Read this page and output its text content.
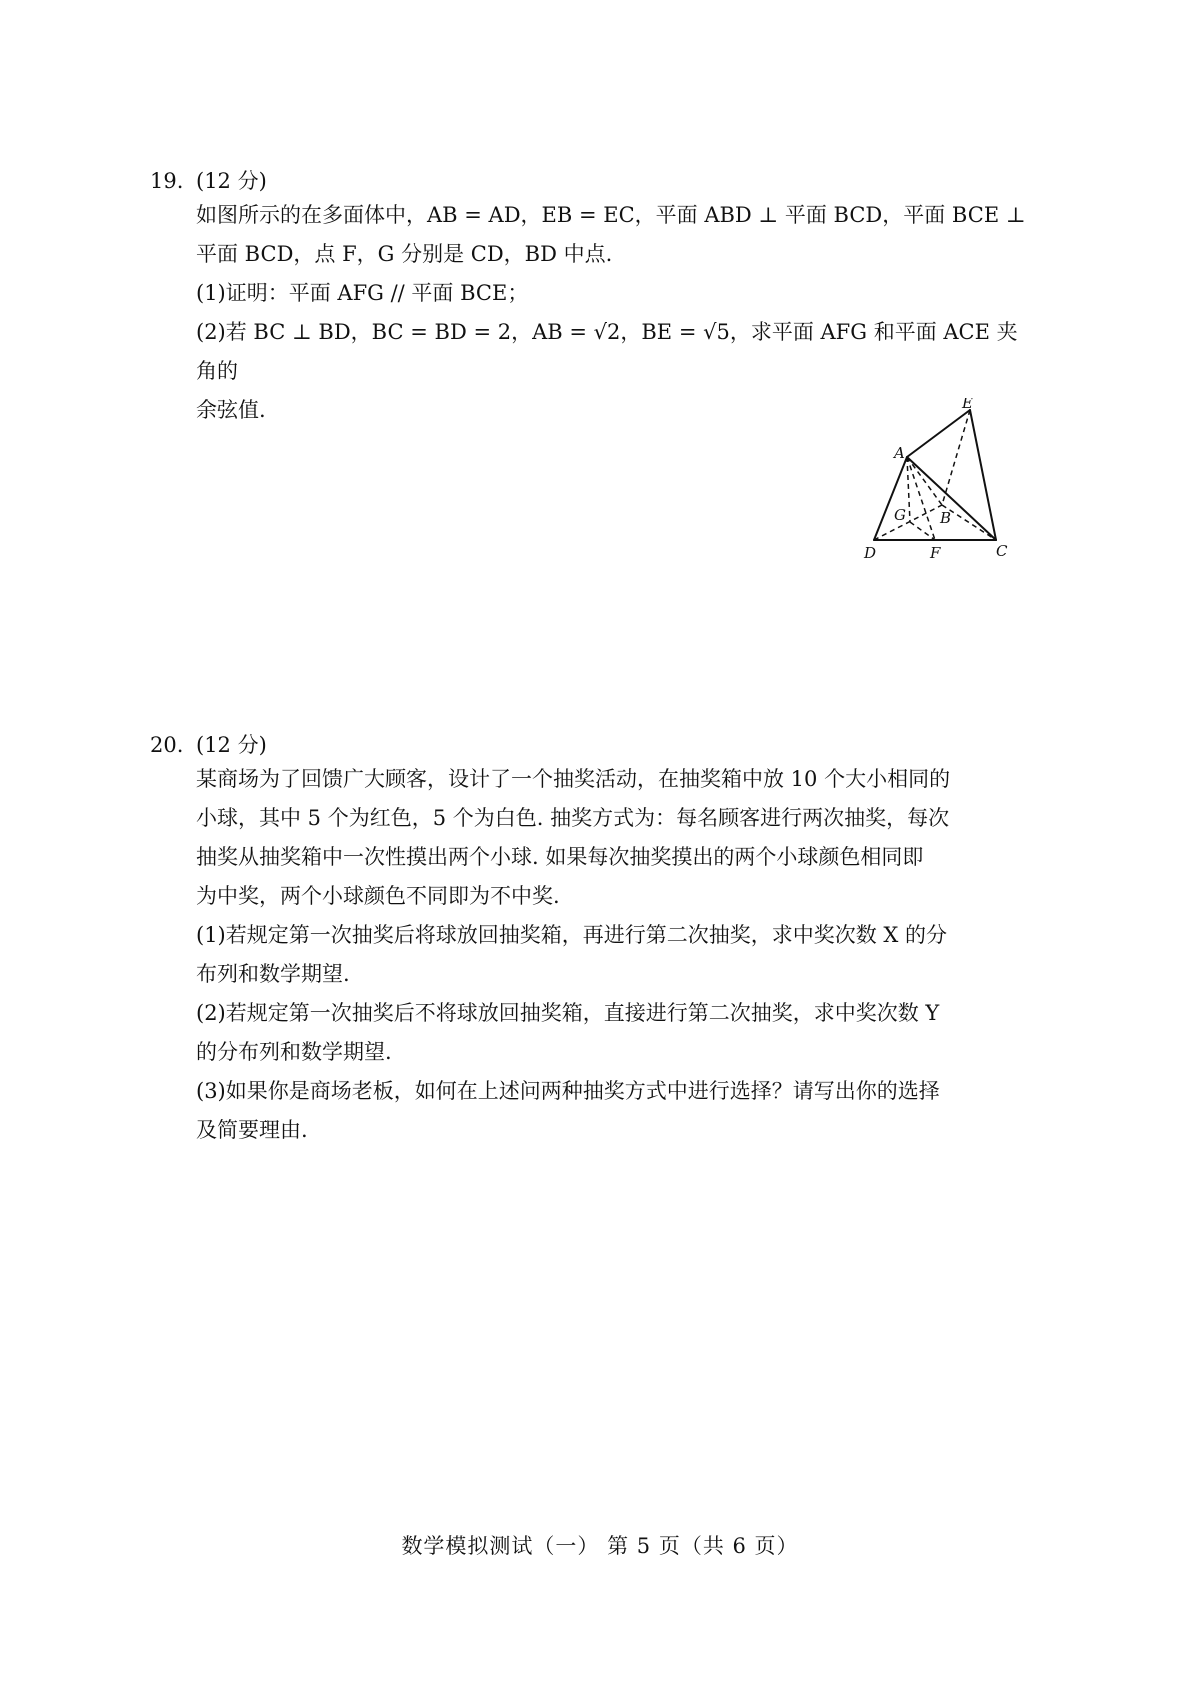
19. (12 分)

如图所示的在多面体中，AB = AD，EB = EC，平面 ABD ⊥ 平面 BCD，平面 BCE ⊥

平面 BCD，点 F，G 分别是 CD，BD 中点.

(1)证明：平面 AFG // 平面 BCE；

(2)若 BC ⊥ BD，BC = BD = 2，AB = √2，BE = √5，求平面 AFG 和平面 ACE 夹角的

余弦值.	E
A
G B
D	F	C
20. (12 分)

某商场为了回馈广大顾客，设计了一个抽奖活动，在抽奖箱中放 10 个大小相同的

小球，其中 5 个为红色，5 个为白色. 抽奖方式为：每名顾客进行两次抽奖，每次

抽奖从抽奖箱中一次性摸出两个小球. 如果每次抽奖摸出的两个小球颜色相同即

为中奖，两个小球颜色不同即为不中奖.

(1)若规定第一次抽奖后将球放回抽奖箱，再进行第二次抽奖，求中奖次数 X 的分

布列和数学期望.

(2)若规定第一次抽奖后不将球放回抽奖箱，直接进行第二次抽奖，求中奖次数 Y

的分布列和数学期望.

(3)如果你是商场老板，如何在上述问两种抽奖方式中进行选择？请写出你的选择

及简要理由.

数学模拟测试（一） 第 5 页（共 6 页）
